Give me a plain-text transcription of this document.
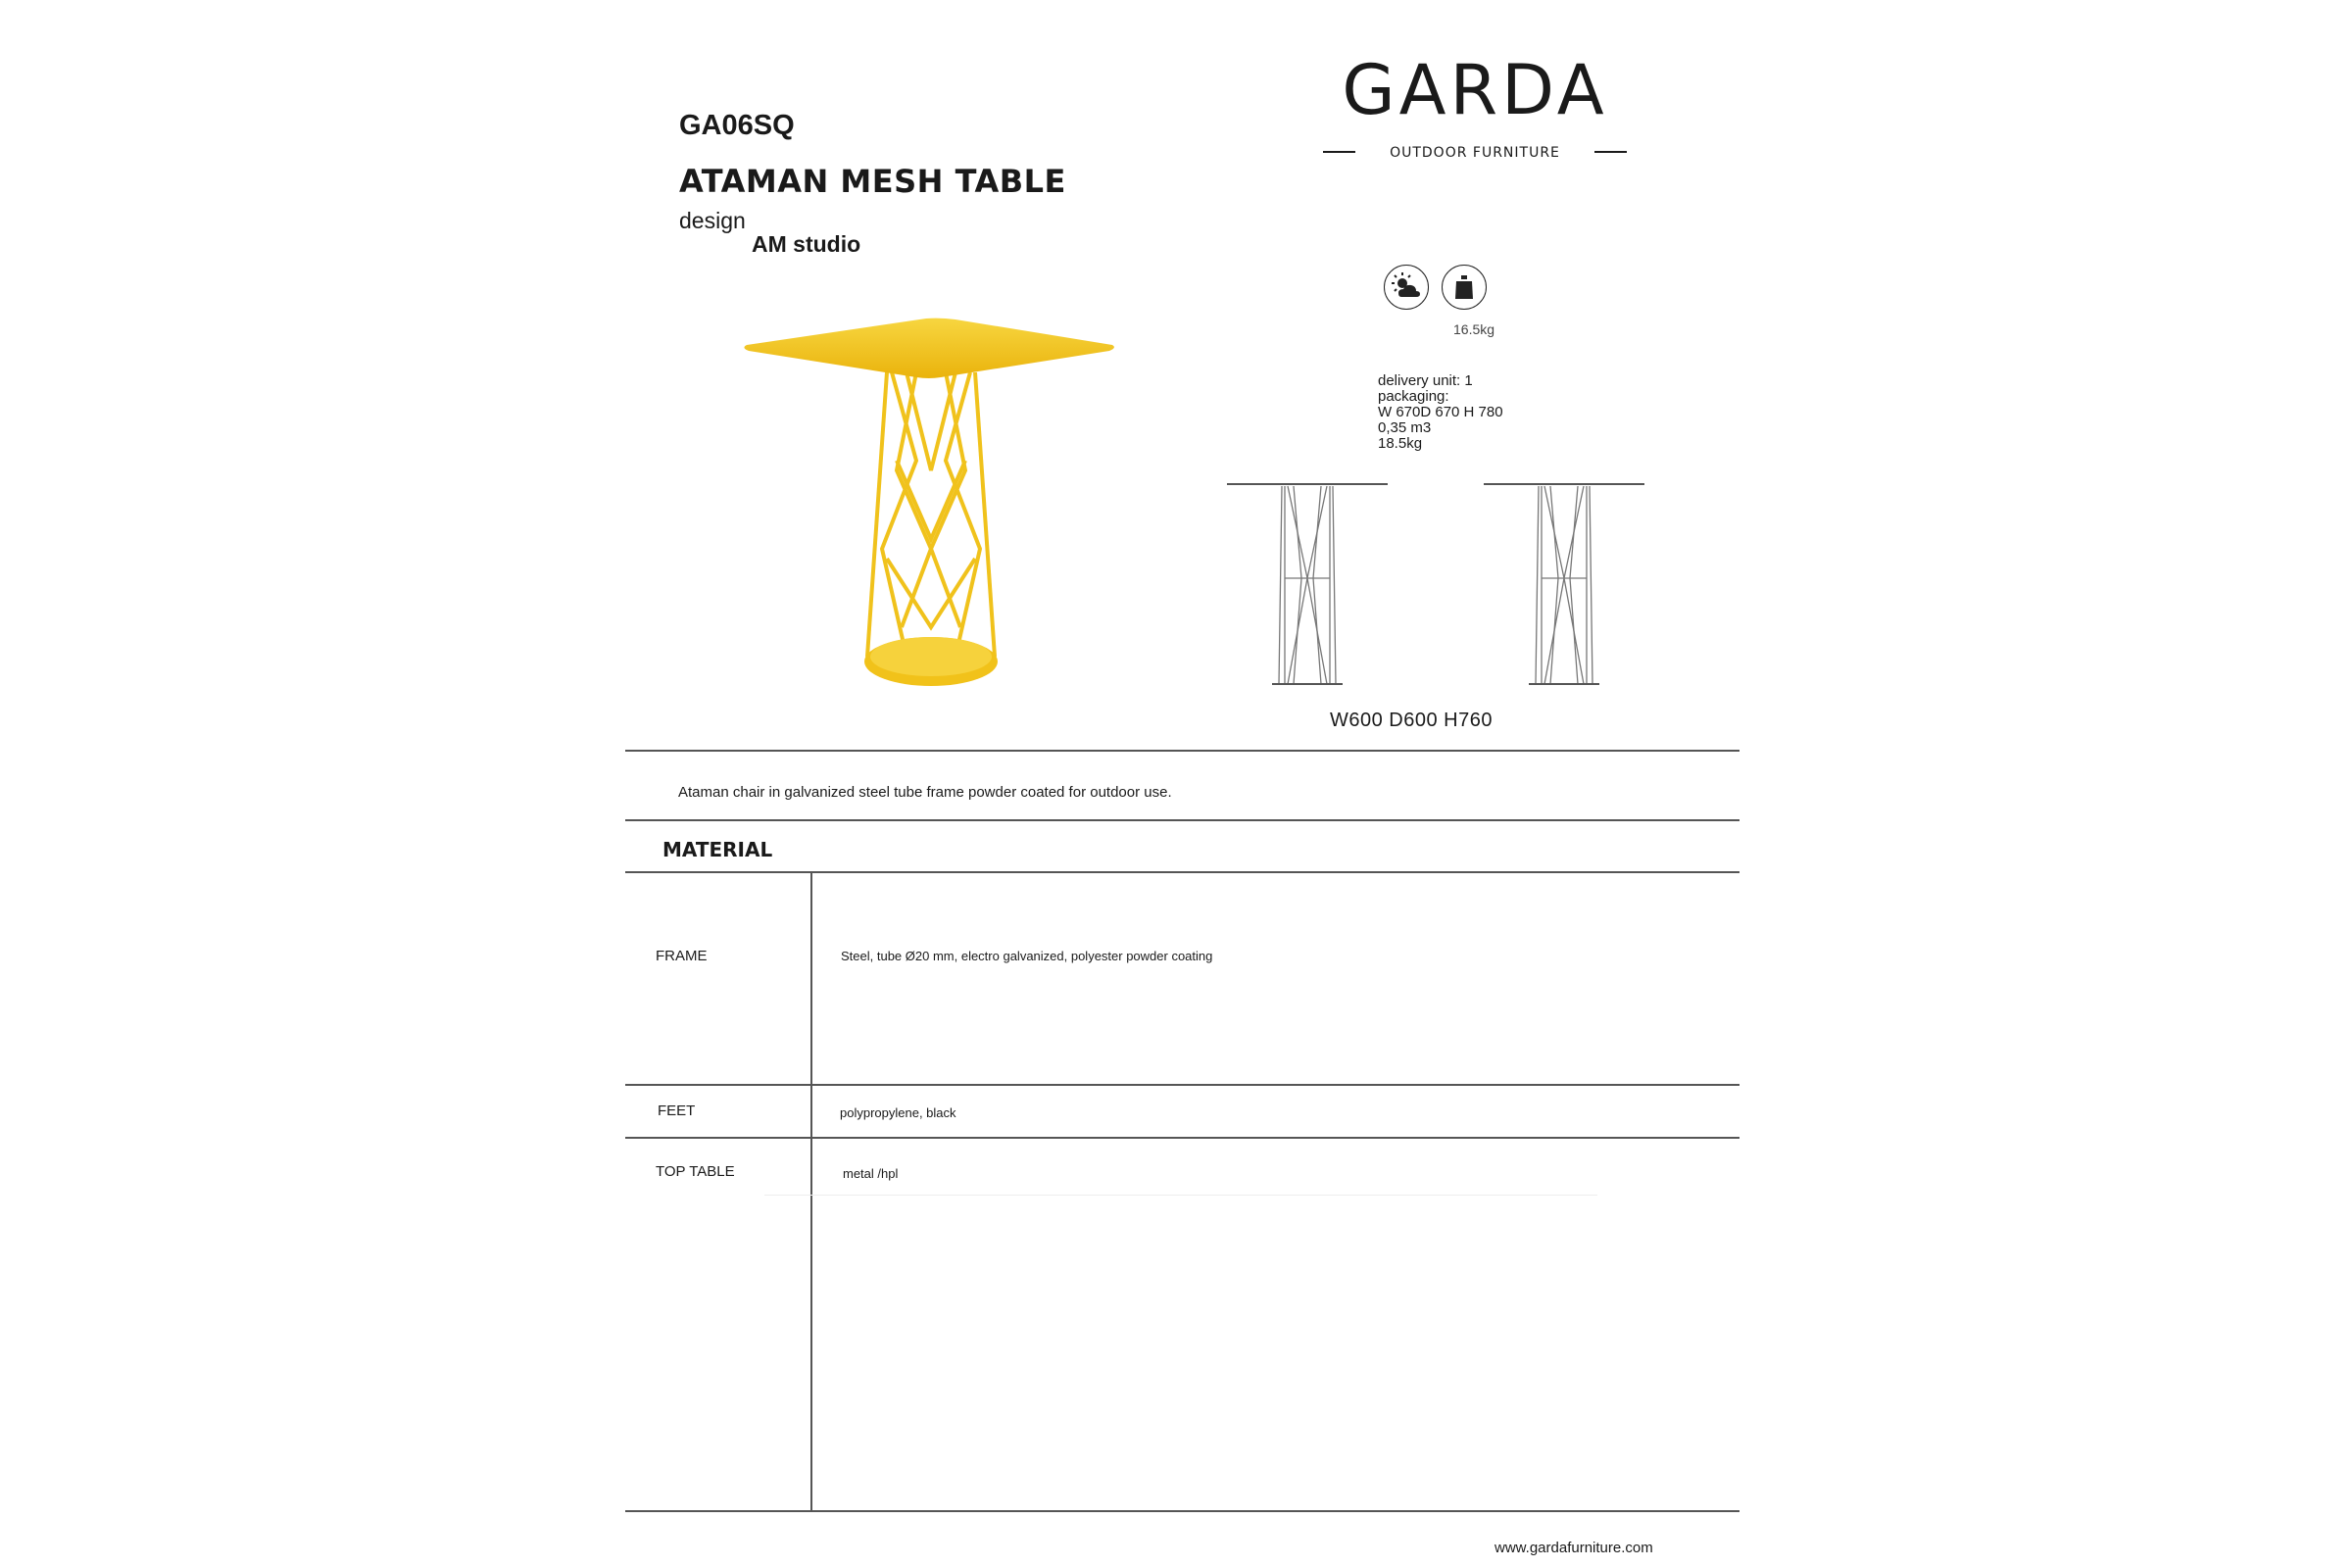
GA06SQ
ATAMAN MESH TABLE
design
AM studio
GARDA
OUTDOOR FURNITURE
16.5kg
delivery unit: 1
packaging:
W 670D 670 H 780
0,35 m3
18.5kg
W600 D600 H760
Ataman chair in galvanized steel tube frame powder coated for outdoor use.
MATERIAL
FRAME	Steel, tube Ø20 mm, electro galvanized, polyester powder coating
FEET	polypropylene, black
TOP TABLE	metal /hpl
www.gardafurniture.com
